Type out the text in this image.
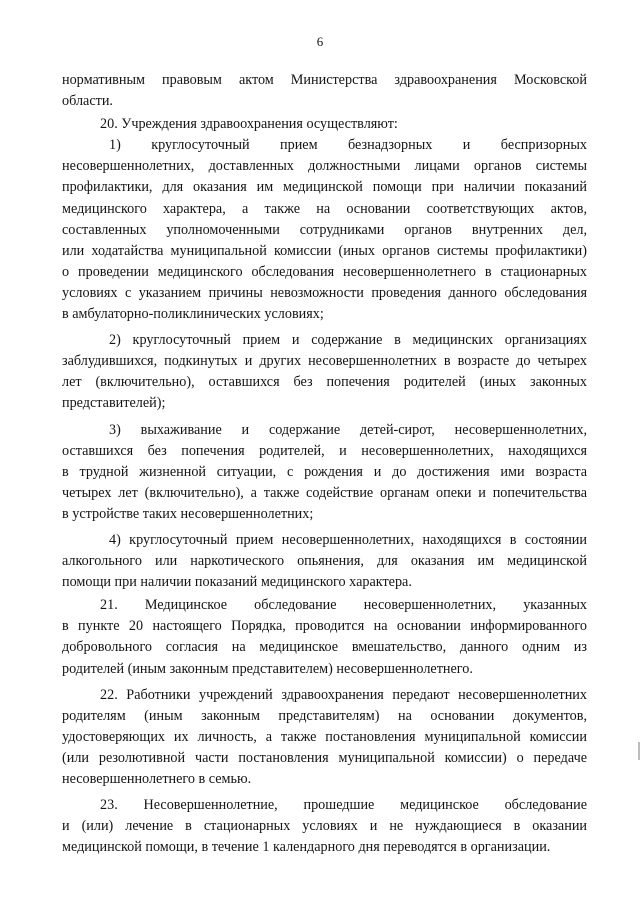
6
нормативным правовым актом Министерства здравоохранения Московской
области.
20. Учреждения здравоохранения осуществляют:
1) круглосуточный прием безнадзорных и беспризорных
несовершеннолетних, доставленных должностными лицами органов системы
профилактики, для оказания им медицинской помощи при наличии показаний
медицинского характера, а также на основании соответствующих актов,
составленных уполномоченными сотрудниками органов внутренних дел,
или ходатайства муниципальной комиссии (иных органов системы профилактики)
о проведении медицинского обследования несовершеннолетнего в стационарных
условиях с указанием причины невозможности проведения данного обследования
в амбулаторно-поликлинических условиях;
2) круглосуточный прием и содержание в медицинских организациях
заблудившихся, подкинутых и других несовершеннолетних в возрасте до четырех
лет (включительно), оставшихся без попечения родителей (иных законных
представителей);
3) выхаживание и содержание детей-сирот, несовершеннолетних,
оставшихся без попечения родителей, и несовершеннолетних, находящихся
в трудной жизненной ситуации, с рождения и до достижения ими возраста
четырех лет (включительно), а также содействие органам опеки и попечительства
в устройстве таких несовершеннолетних;
4) круглосуточный прием несовершеннолетних, находящихся в состоянии
алкогольного или наркотического опьянения, для оказания им медицинской
помощи при наличии показаний медицинского характера.
21. Медицинское обследование несовершеннолетних, указанных
в пункте 20 настоящего Порядка, проводится на основании информированного
добровольного согласия на медицинское вмешательство, данного одним из
родителей (иным законным представителем) несовершеннолетнего.
22. Работники учреждений здравоохранения передают несовершеннолетних
родителям (иным законным представителям) на основании документов,
удостоверяющих их личность, а также постановления муниципальной комиссии
(или резолютивной части постановления муниципальной комиссии) о передаче
несовершеннолетнего в семью.
23. Несовершеннолетние, прошедшие медицинское обследование
и (или) лечение в стационарных условиях и не нуждающиеся в оказании
медицинской помощи, в течение 1 календарного дня переводятся в организации.
